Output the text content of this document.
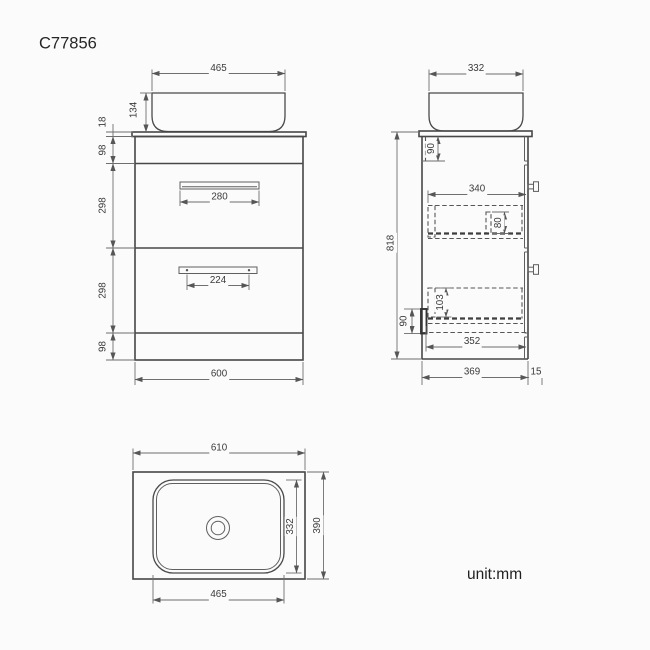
C77856
280
224
465
134
18
98
298
298
98
600
332
818
90
340
80
103
90
352
369	15
610
332 390
465
unit:mm
